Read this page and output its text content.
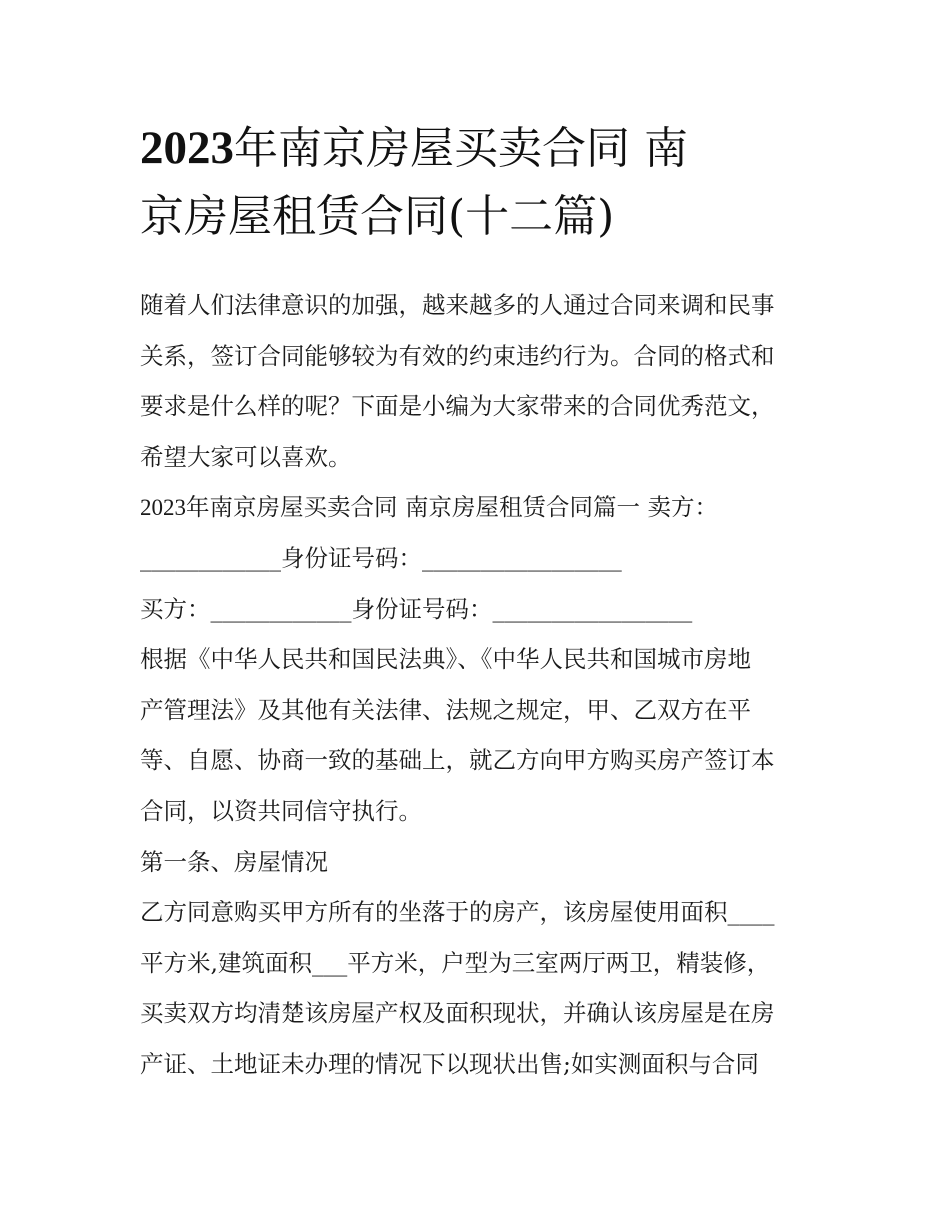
2023年南京房屋买卖合同 南
京房屋租赁合同(十二篇)
随着人们法律意识的加强，越来越多的人通过合同来调和民事
关系，签订合同能够较为有效的约束违约行为。合同的格式和
要求是什么样的呢？下面是小编为大家带来的合同优秀范文，
希望大家可以喜欢。
2023年南京房屋买卖合同 南京房屋租赁合同篇一 卖方：
____________身份证号码：_________________
买方：____________身份证号码：_________________
根据《中华人民共和国民法典》、《中华人民共和国城市房地
产管理法》及其他有关法律、法规之规定，甲、乙双方在平
等、自愿、协商一致的基础上，就乙方向甲方购买房产签订本
合同，以资共同信守执行。
第一条、房屋情况
乙方同意购买甲方所有的坐落于的房产，该房屋使用面积____
平方米,建筑面积___平方米，户型为三室两厅两卫，精装修，
买卖双方均清楚该房屋产权及面积现状，并确认该房屋是在房
产证、土地证未办理的情况下以现状出售;如实测面积与合同
